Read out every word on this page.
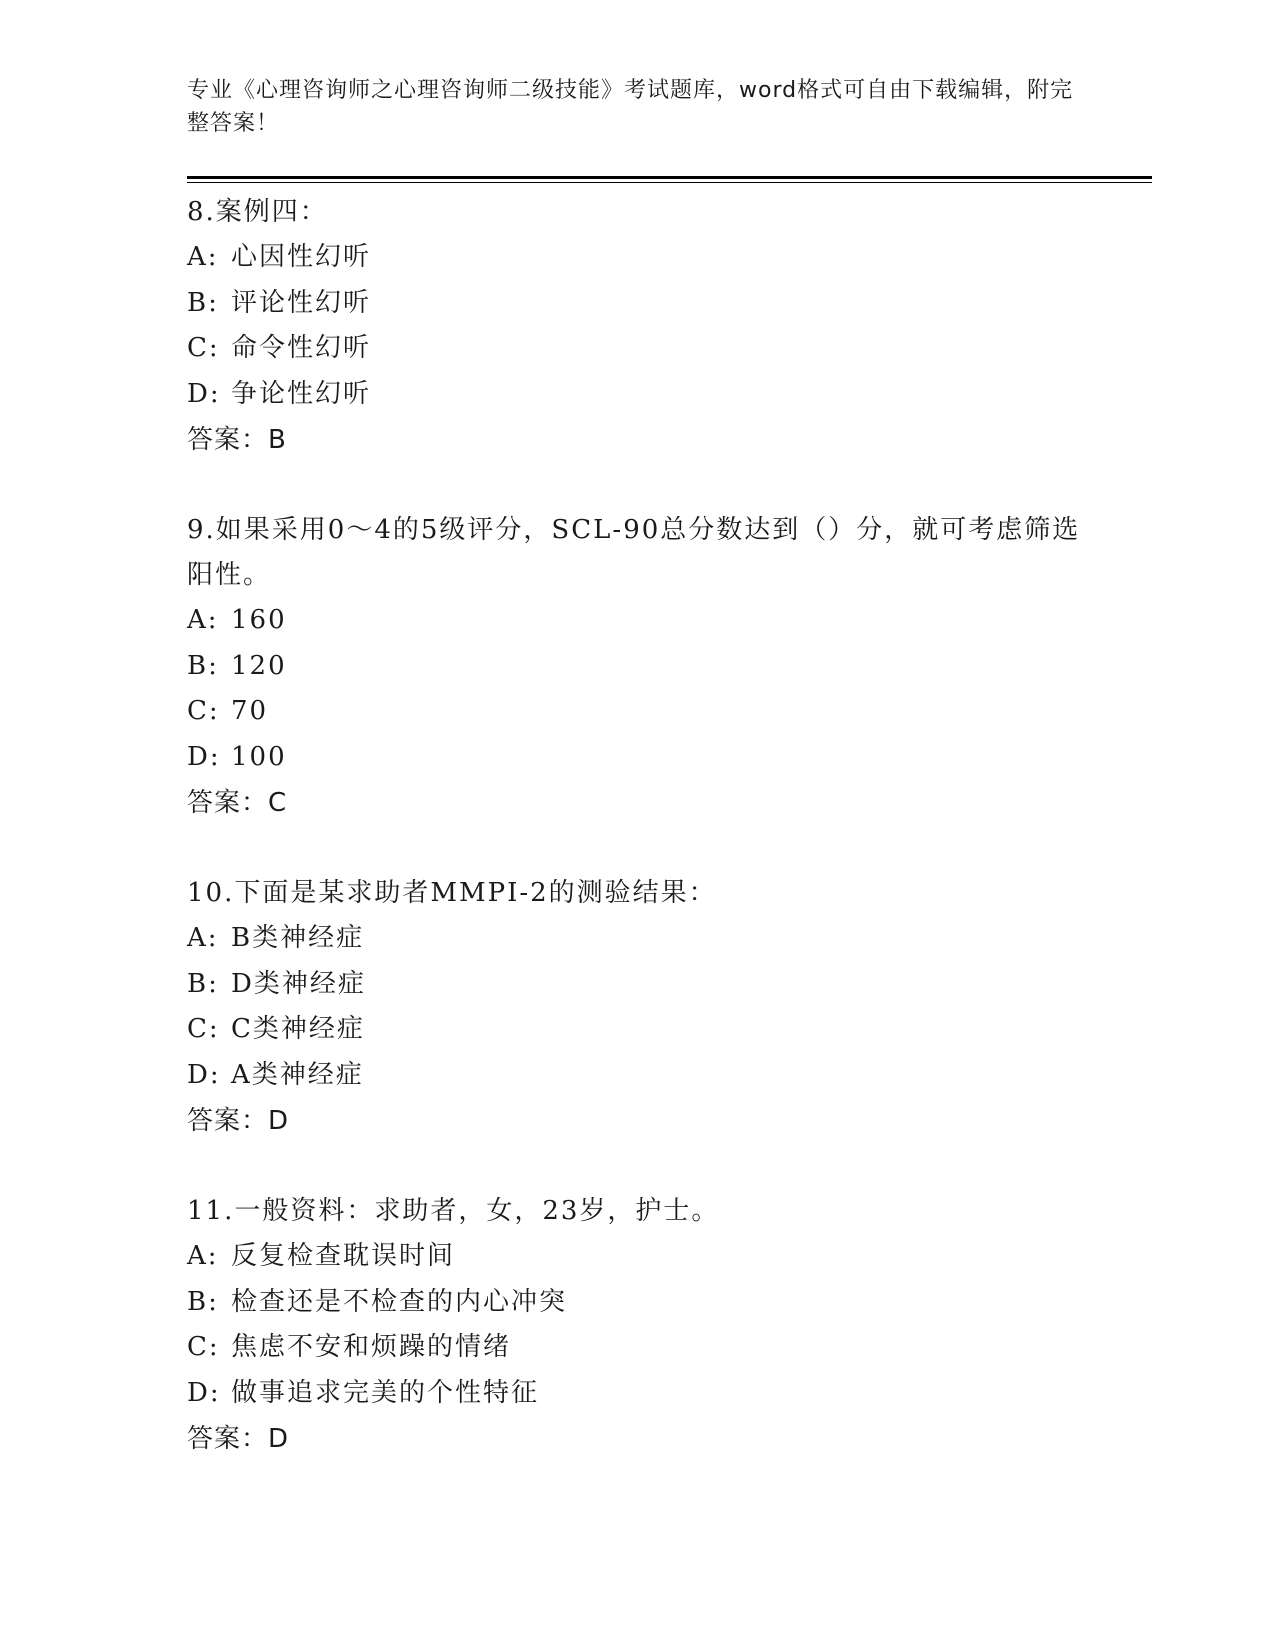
专业《心理咨询师之心理咨询师二级技能》考试题库，word格式可自由下载编辑，附完整答案！
8.案例四：
A: 心因性幻听
B: 评论性幻听
C: 命令性幻听
D: 争论性幻听
答案：B
9.如果采用0～4的5级评分，SCL-90总分数达到（）分，就可考虑筛选阳性。
A: 160
B: 120
C: 70
D: 100
答案：C
10.下面是某求助者MMPI-2的测验结果：
A: B类神经症
B: D类神经症
C: C类神经症
D: A类神经症
答案：D
11.一般资料：求助者，女，23岁，护士。
A: 反复检查耽误时间
B: 检查还是不检查的内心冲突
C: 焦虑不安和烦躁的情绪
D: 做事追求完美的个性特征
答案：D
